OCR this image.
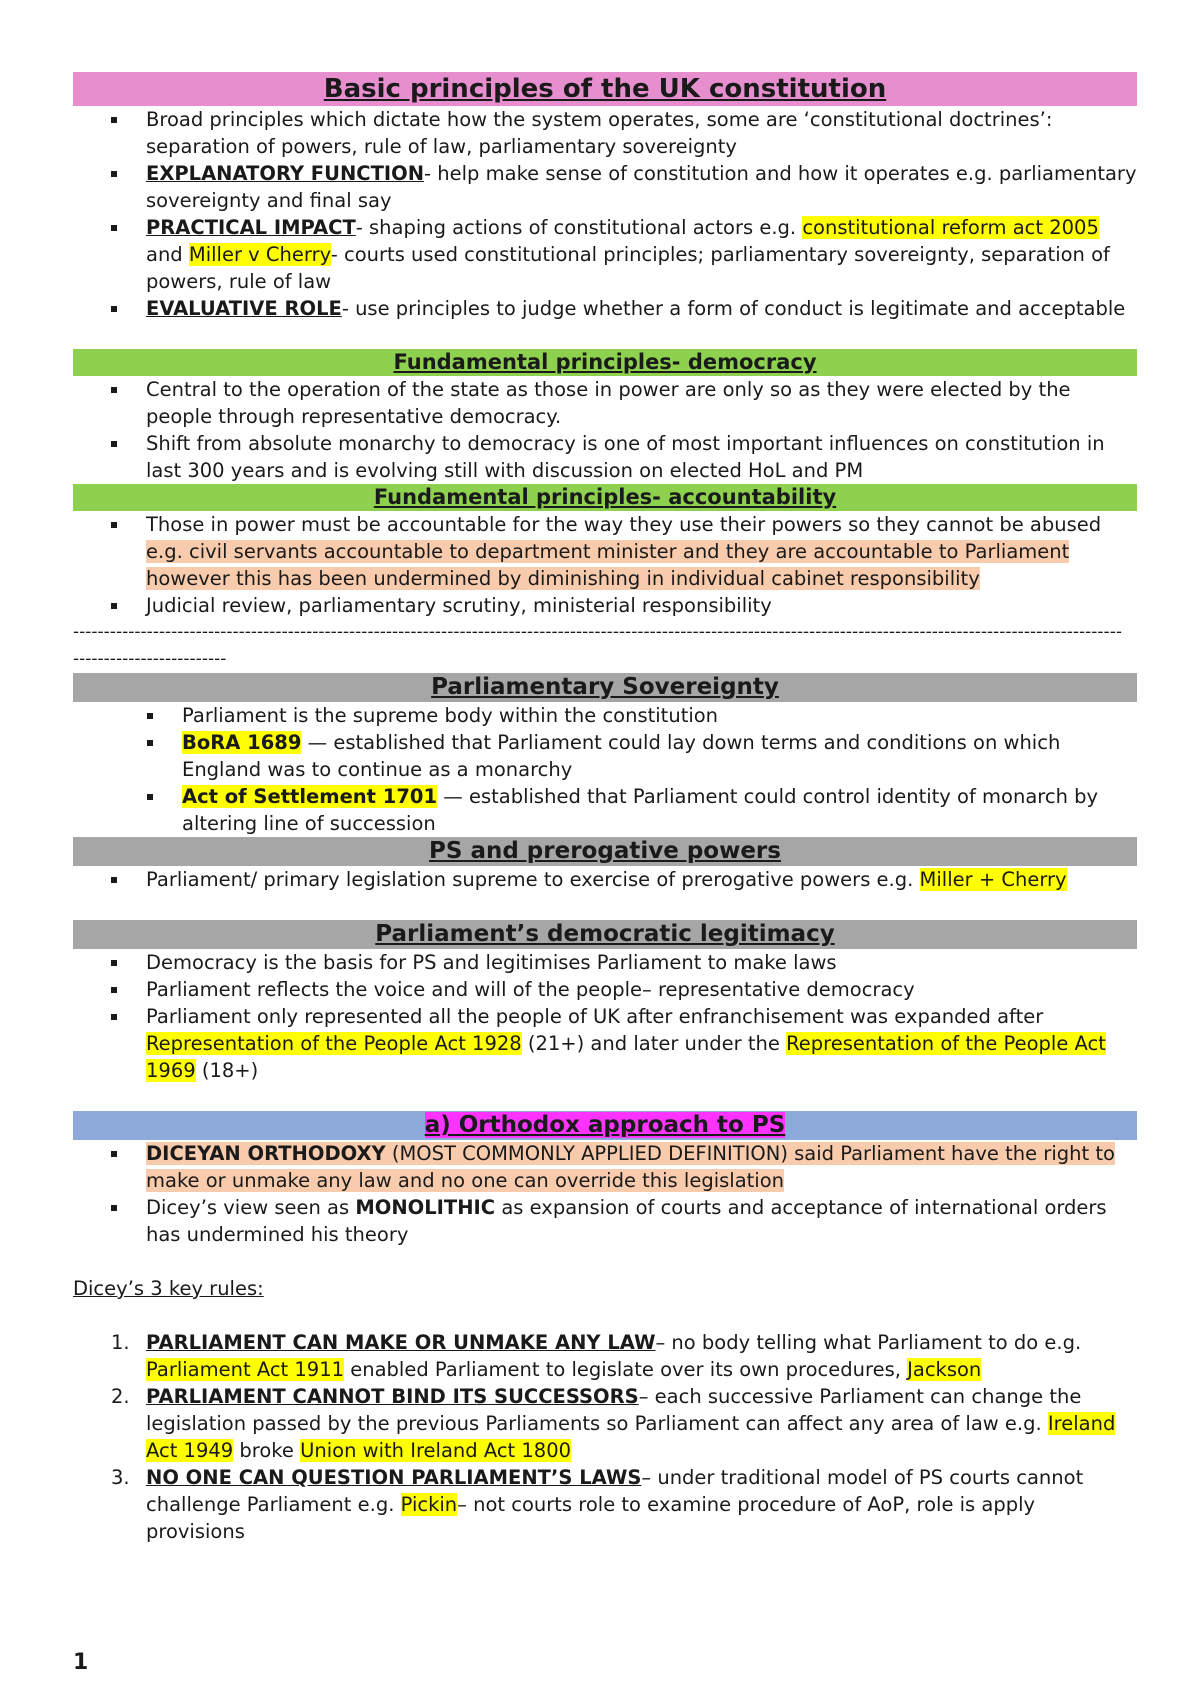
Basic principles of the UK constitution
Broad principles which dictate how the system operates, some are ‘constitutional doctrines’: separation of powers, rule of law, parliamentary sovereignty
EXPLANATORY FUNCTION- help make sense of constitution and how it operates e.g. parliamentary sovereignty and final say
PRACTICAL IMPACT- shaping actions of constitutional actors e.g. constitutional reform act 2005 and Miller v Cherry- courts used constitutional principles; parliamentary sovereignty, separation of powers, rule of law
EVALUATIVE ROLE- use principles to judge whether a form of conduct is legitimate and acceptable
Fundamental principles- democracy
Central to the operation of the state as those in power are only so as they were elected by the people through representative democracy.
Shift from absolute monarchy to democracy is one of most important influences on constitution in last 300 years and is evolving still with discussion on elected HoL and PM
Fundamental principles- accountability
Those in power must be accountable for the way they use their powers so they cannot be abused e.g. civil servants accountable to department minister and they are accountable to Parliament however this has been undermined by diminishing in individual cabinet responsibility
Judicial review, parliamentary scrutiny, ministerial responsibility
---------------------------------------------------------------------------------------------------------------------------------------------------------------------------
-------------------------
Parliamentary Sovereignty
Parliament is the supreme body within the constitution
BoRA 1689 — established that Parliament could lay down terms and conditions on which England was to continue as a monarchy
Act of Settlement 1701 — established that Parliament could control identity of monarch by altering line of succession
PS and prerogative powers
Parliament/ primary legislation supreme to exercise of prerogative powers e.g. Miller + Cherry
Parliament’s democratic legitimacy
Democracy is the basis for PS and legitimises Parliament to make laws
Parliament reflects the voice and will of the people– representative democracy
Parliament only represented all the people of UK after enfranchisement was expanded after Representation of the People Act 1928 (21+) and later under the Representation of the People Act 1969 (18+)
a) Orthodox approach to PS
DICEYAN ORTHODOXY (MOST COMMONLY APPLIED DEFINITION) said Parliament have the right to make or unmake any law and no one can override this legislation
Dicey’s view seen as MONOLITHIC as expansion of courts and acceptance of international orders has undermined his theory
Dicey’s 3 key rules:
1. PARLIAMENT CAN MAKE OR UNMAKE ANY LAW– no body telling what Parliament to do e.g. Parliament Act 1911 enabled Parliament to legislate over its own procedures, Jackson
2. PARLIAMENT CANNOT BIND ITS SUCCESSORS– each successive Parliament can change the legislation passed by the previous Parliaments so Parliament can affect any area of law e.g. Ireland Act 1949 broke Union with Ireland Act 1800
3. NO ONE CAN QUESTION PARLIAMENT’S LAWS– under traditional model of PS courts cannot challenge Parliament e.g. Pickin– not courts role to examine procedure of AoP, role is apply provisions
1
